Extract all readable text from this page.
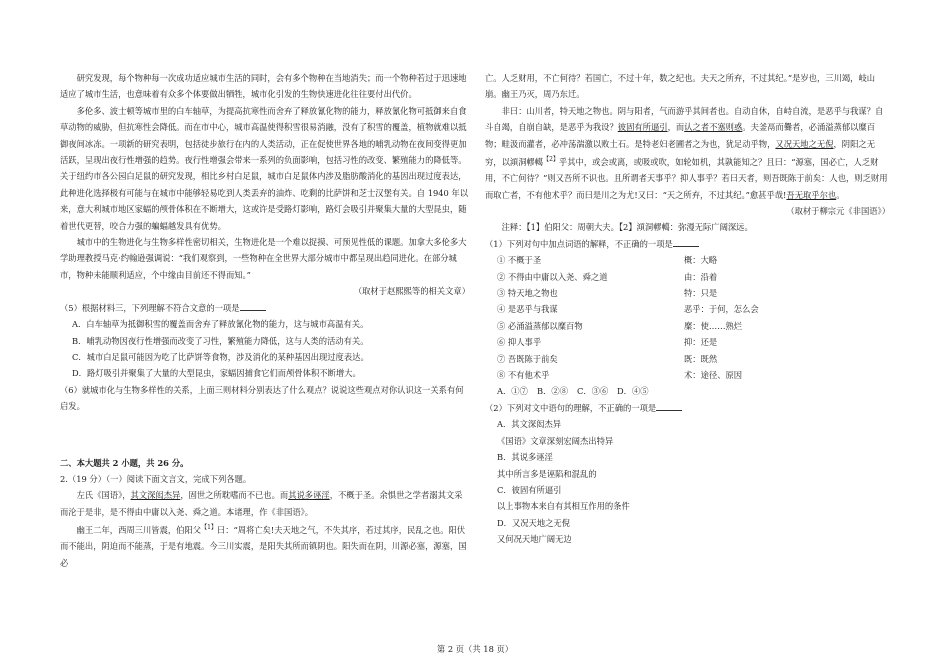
研究发现，每个物种每一次成功适应城市生活的同时，会有多个物种在当地消失；而一个物种若过于迅速地适应了城市生活，也意味着有众多个体要做出牺牲，城市化引发的生物快速进化往往要付出代价。

多伦多、波士顿等城市里的白车轴草，为提高抗寒性而舍弃了释放氰化物的能力，释放氰化物可抵御来自食草动物的威胁，但抗寒性会降低。而在市中心，城市高温使得积雪很易消融，没有了积雪的覆盖，植物就难以抵御夜间冰冻。一项新的研究表明，包括徒步旅行在内的人类活动，正在促使世界各地的哺乳动物在夜间变得更加活跃，呈现出夜行性增强的趋势。夜行性增强会带来一系列的负面影响，包括习性的改变、繁殖能力的降低等。关于纽约市各公园白足鼠的研究发现，相比乡村白足鼠，城市白足鼠体内涉及脂肪酸消化的基因出现过度表达，此种进化选择极有可能与在城市中能够轻易吃到人类丢弃的油炸、吃剩的比萨饼和芝士汉堡有关。自 1940 年以来，意大利城市地区家蝠的颅骨体积在不断增大，这或许是受路灯影响，路灯会吸引并聚集大量的大型昆虫，随着世代更替，咬合力强的蝙蝠越发具有优势。

城市中的生物进化与生物多样性密切相关，生物进化是一个难以捉摸、可预见性低的课题。加拿大多伦多大学助理教授马克·约翰逊强调说：“我们观察到，一些物种在全世界大部分城市中都呈现出趋同进化。在部分城市，物种未能顺利适应，个中缘由目前还不得而知。”

（取材于赵熙熙等的相关文章）

（5）根据材料三，下列理解不符合文意的一项是

A．白车轴草为抵御积雪的覆盖而舍弃了释放氰化物的能力，这与城市高温有关。

B．哺乳动物因夜行性增强而改变了习性，繁殖能力降低，这与人类的活动有关。

C．城市白足鼠可能因为吃了比萨饼等食物，涉及消化的某种基因出现过度表达。

D．路灯吸引并聚集了大量的大型昆虫，家蝠因捕食它们而颅骨体积不断增大。

（6）就城市化与生物多样性的关系，上面三则材料分别表达了什么观点？说说这些观点对你认识这一关系有何启发。

二、本大题共 2 小题，共 26 分。

2.（19 分）（一）阅读下面文言文，完成下列各题。

左氏《国语》，其文深闳杰异，固世之所耽嗜而不已也。而其说多诬淫，不概于圣。余惧世之学者溺其文采而沦于是非，是不得由中庸以入尧、舜之道。本诸理，作《非国语》。

幽王二年，西周三川皆震，伯阳父$^{【1】}$曰：“周将亡矣!夫天地之气，不失其序，若过其序，民乱之也。阳伏而不能出，阴迫而不能蒸，于是有地震。今三川实震，是阳失其所而镇阴也。阳失而在阴，川源必塞，源塞，国必

亡。人乏财用，不亡何待？若国亡，不过十年，数之纪也。夫天之所弃，不过其纪。”是岁也，三川竭，岐山崩。幽王乃灭，周乃东迁。

非曰：山川者，特天地之物也。阴与阳者，气而游乎其间者也。自动自休，自峙自流，是恶乎与我谋？自斗自竭，自崩自缺，是恶乎为我设？彼固有所逼引，而认之者不塞则惑。夫釜鬲而爨者，必涌溢蒸郁以糜百物；畦汲而灌者，必冲荡湍激以败土石。是特老妇老圃者之为也，犹足动乎物，又况天地之无倪，阴阳之无穷，以澒洞轇轕$^{【2】}$乎其中，或会或离，或吸或吹，如轮如机，其孰能知之？且曰：“源塞，国必亡，人乏财用，不亡何待？”则又吾所不识也。且所谓者天事乎？抑人事乎？若曰天者，则吾既陈于前矣：人也，则乏财用而取亡者，不有他术乎？而曰是川之为尤!又曰：“天之所弃，不过其纪。”愈甚乎哉!吾无取乎尔也。

（取材于柳宗元《非国语》）

注释：【1】伯阳父：周朝大夫。【2】澒洞轇轕：弥漫无际广阔深远。

（1）下列对句中加点词语的解释，不正确的一项是

① 不概于圣	概：大略
② 不得由中庸以入尧、舜之道	由：沿着
③ 特天地之物也	特：只是
④ 是恶乎与我谋	恶乎：于何，怎么会
⑤ 必涌溢蒸郁以糜百物	糜：使……熟烂
⑥ 抑人事乎	抑：还是
⑦ 吾既陈于前矣	既：既然
⑧ 不有他术乎	术：途径、原因
A．①⑦	B．②⑧	C．③⑥	D．④⑤

（2）下列对文中语句的理解，不正确的一项是

A．其文深闳杰异

《国语》文章深刻宏阔杰出特异

B．其说多诬淫

其中所言多是诬陷和混乱的

C．彼固有所逼引

以上事物本来自有其相互作用的条件

D．又况天地之无倪

又何况天地广阔无边

第 2 页（共 18 页）
